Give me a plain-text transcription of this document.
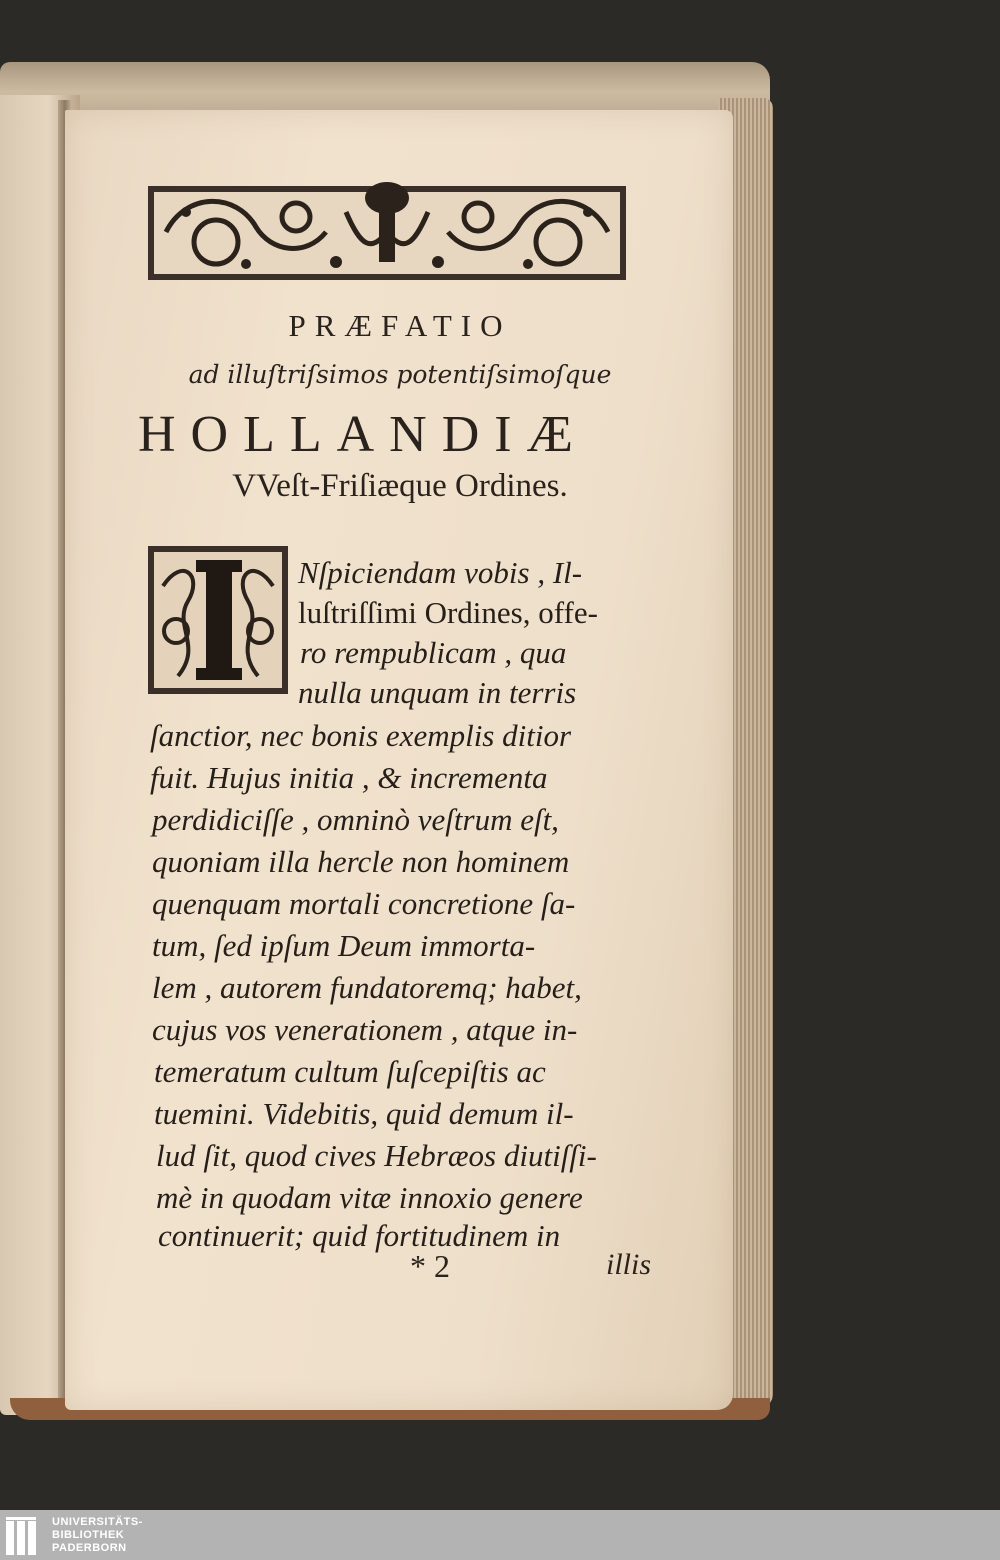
PRÆFATIO
ad illuſtriſsimos potentiſsimoſque
HOLLANDIÆ
VVeſt-Friſiæque Ordines.
Nſpiciendam vobis , Il-
luſtriſſimi Ordines, offe-
ro rempublicam , qua
nulla unquam in terris
ſanctior, nec bonis exemplis ditior
fuit. Hujus initia , & incrementa
perdidiciſſe , omninò veſtrum eſt,
quoniam illa hercle non hominem
quenquam mortali concretione ſa-
tum, ſed ipſum Deum immorta-
lem , autorem fundatoremq; habet,
cujus vos venerationem , atque in-
temeratum cultum ſuſcepiſtis ac
tuemini. Videbitis, quid demum il-
lud ſit, quod cives Hebræos diutiſſi-
mè in quodam vitæ innoxio genere
continuerit; quid fortitudinem in
* 2	illis
UNIVERSITÄTS-
BIBLIOTHEK
PADERBORN
